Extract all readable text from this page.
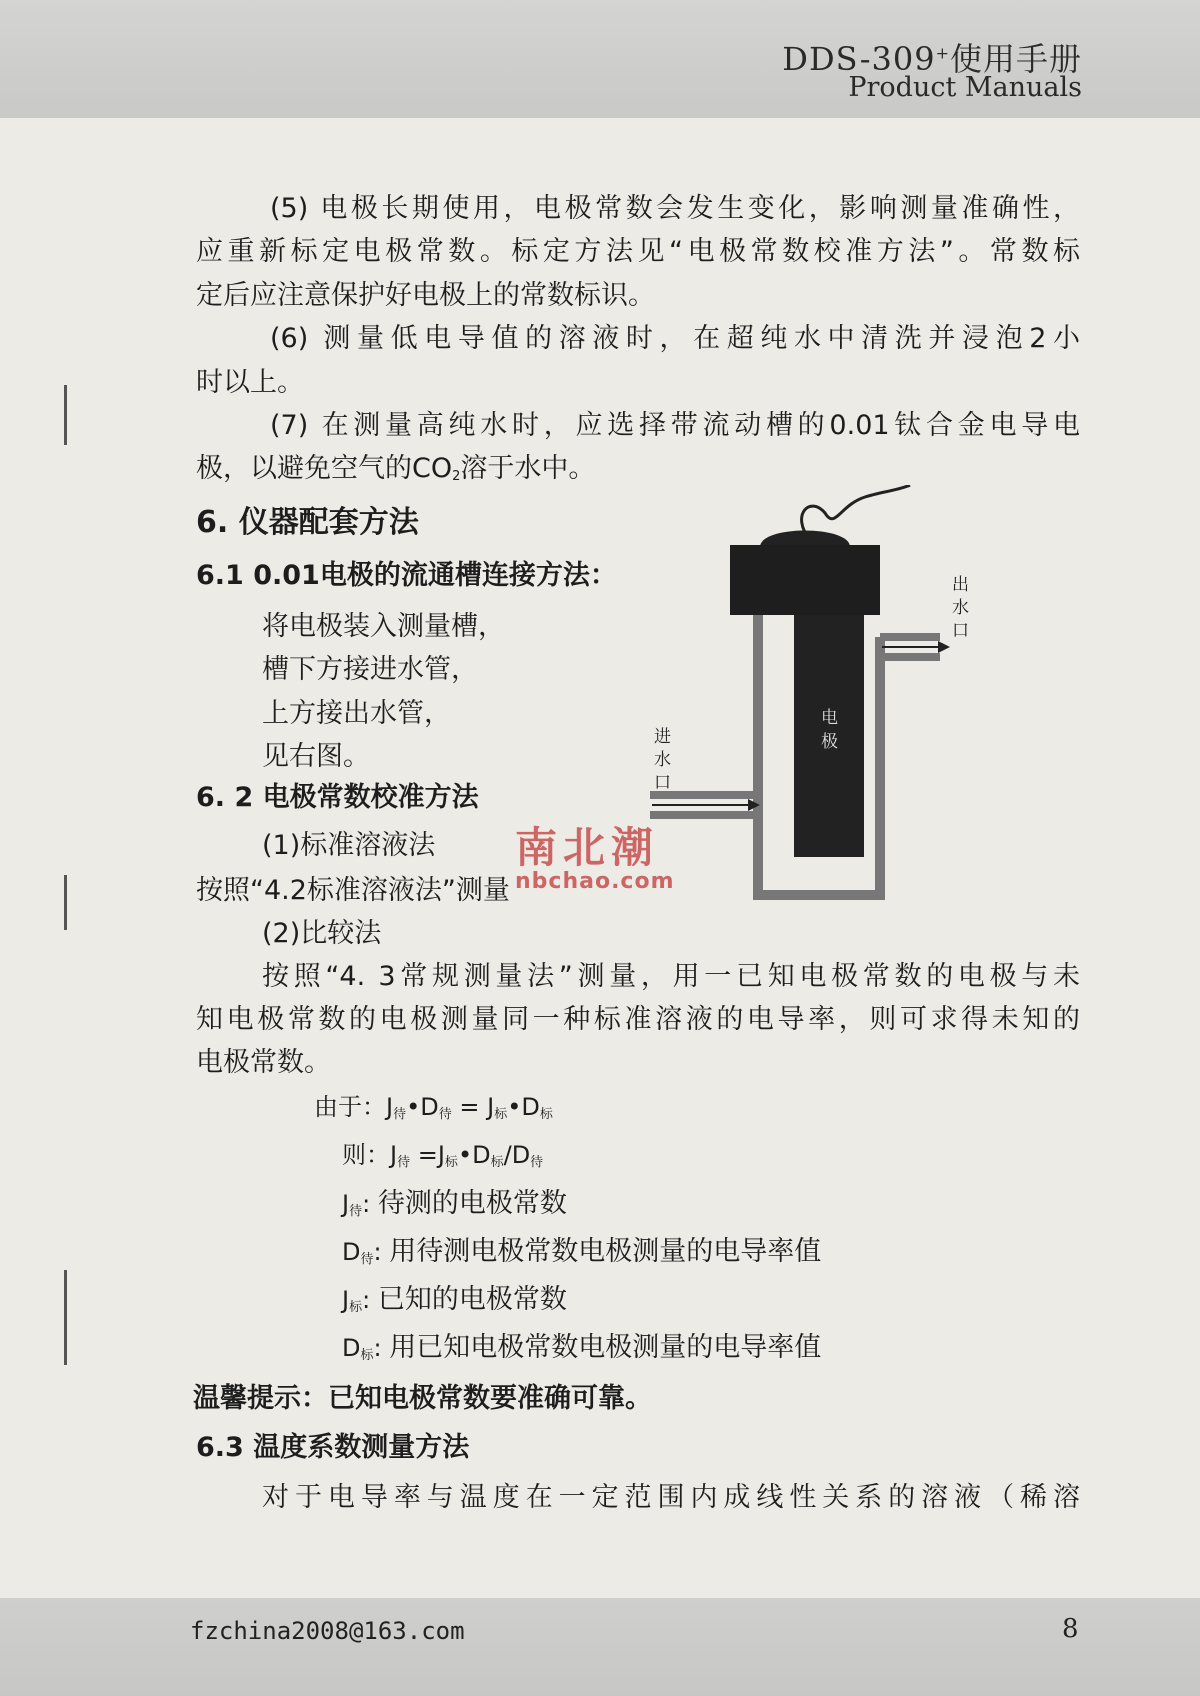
DDS-309+使用手册
Product Manuals
(5) 电极长期使用，电极常数会发生变化，影响测量准确性，
应重新标定电极常数。标定方法见“电极常数校准方法”。常数标
定后应注意保护好电极上的常数标识。
(6) 测量低电导值的溶液时，在超纯水中清洗并浸泡2小
时以上。
(7) 在测量高纯水时，应选择带流动槽的0.01钛合金电导电
极，以避免空气的$CO_2$溶于水中。
6. 仪器配套方法
6.1 0.01电极的流通槽连接方法：
将电极装入测量槽，
槽下方接进水管，
上方接出水管，
见右图。
6. 2 电极常数校准方法
(1)标准溶液法
按照“4.2标准溶液法”测量
(2)比较法
按照“4. 3常规测量法”测量，用一已知电极常数的电极与未
知电极常数的电极测量同一种标准溶液的电导率，则可求得未知的
电极常数。
由于：$J_待•D_待$ = $J_标•D_标$
则：$J_待$ $=J_标•D_标/D_待$
$J_待$: 待测的电极常数
$D_待$: 用待测电极常数电极测量的电导率值
$J_标$: 已知的电极常数
$D_标$: 用已知电极常数电极测量的电导率值
温馨提示：已知电极常数要准确可靠。
6.3 温度系数测量方法
对于电导率与温度在一定范围内成线性关系的溶液（稀溶
出
水
口
进
水
口
电
极
南北潮
nbchao.com
fzchina2008@163.com	8
